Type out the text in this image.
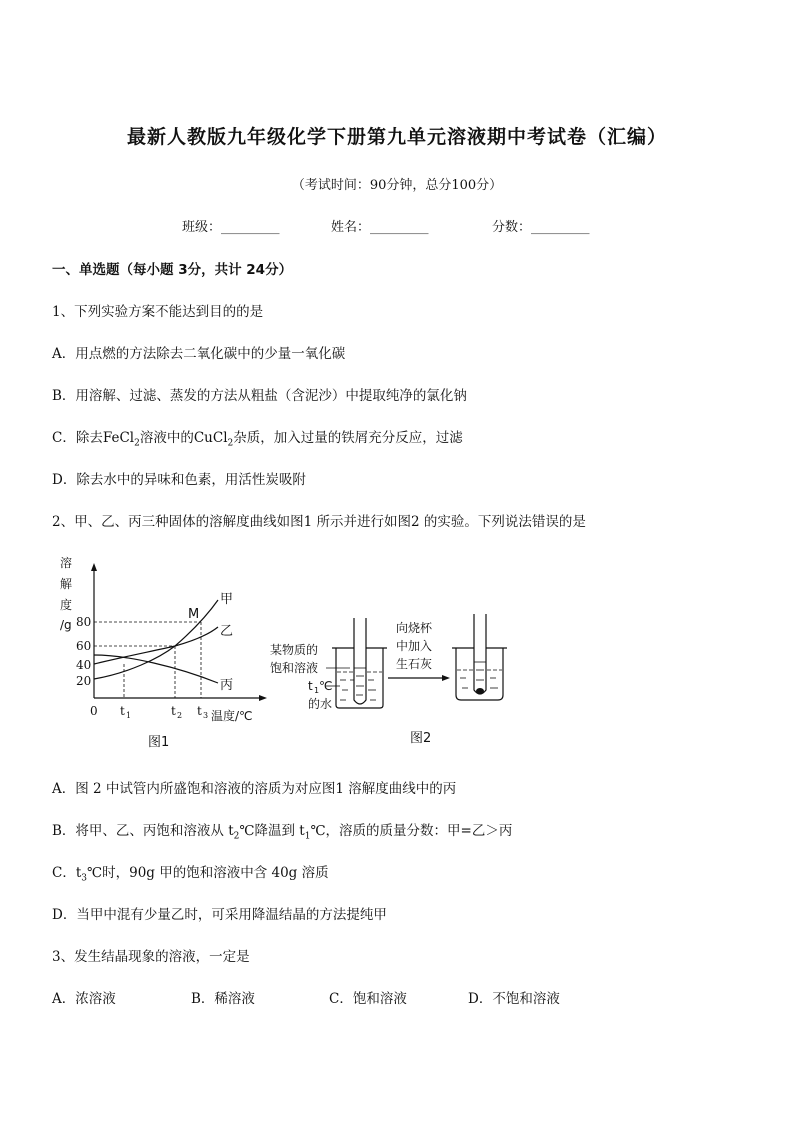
最新人教版九年级化学下册第九单元溶液期中考试卷（汇编）
（考试时间：90分钟，总分100分）
班级：_________	姓名：_________	分数：_________
一、单选题（每小题 3分，共计 24分）
1、下列实验方案不能达到目的的是
A．用点燃的方法除去二氧化碳中的少量一氧化碳
B．用溶解、过滤、蒸发的方法从粗盐（含泥沙）中提取纯净的氯化钠
C．除去FeCl$_2$溶液中的CuCl$_2$杂质，加入过量的铁屑充分反应，过滤
D．除去水中的异味和色素，用活性炭吸附
2、甲、乙、丙三种固体的溶解度曲线如图1 所示并进行如图2 的实验。下列说法错误的是
溶
解
度
/g 80
60
40
20
0 t 1	t 2 t 3 温度/℃
M
甲
乙
丙
图1
某物质的
饱和溶液
t 1 ℃
的水
向烧杯
中加入
生石灰
图2
A．图 2 中试管内所盛饱和溶液的溶质为对应图1 溶解度曲线中的丙
B．将甲、乙、丙饱和溶液从 $t_2℃$降温到 $t_1℃$，溶质的质量分数：甲=乙＞丙
C．$t_3℃$时，90g 甲的饱和溶液中含 40g 溶质
D．当甲中混有少量乙时，可采用降温结晶的方法提纯甲
3、发生结晶现象的溶液，一定是
A．浓溶液	B．稀溶液	C．饱和溶液	D．不饱和溶液
